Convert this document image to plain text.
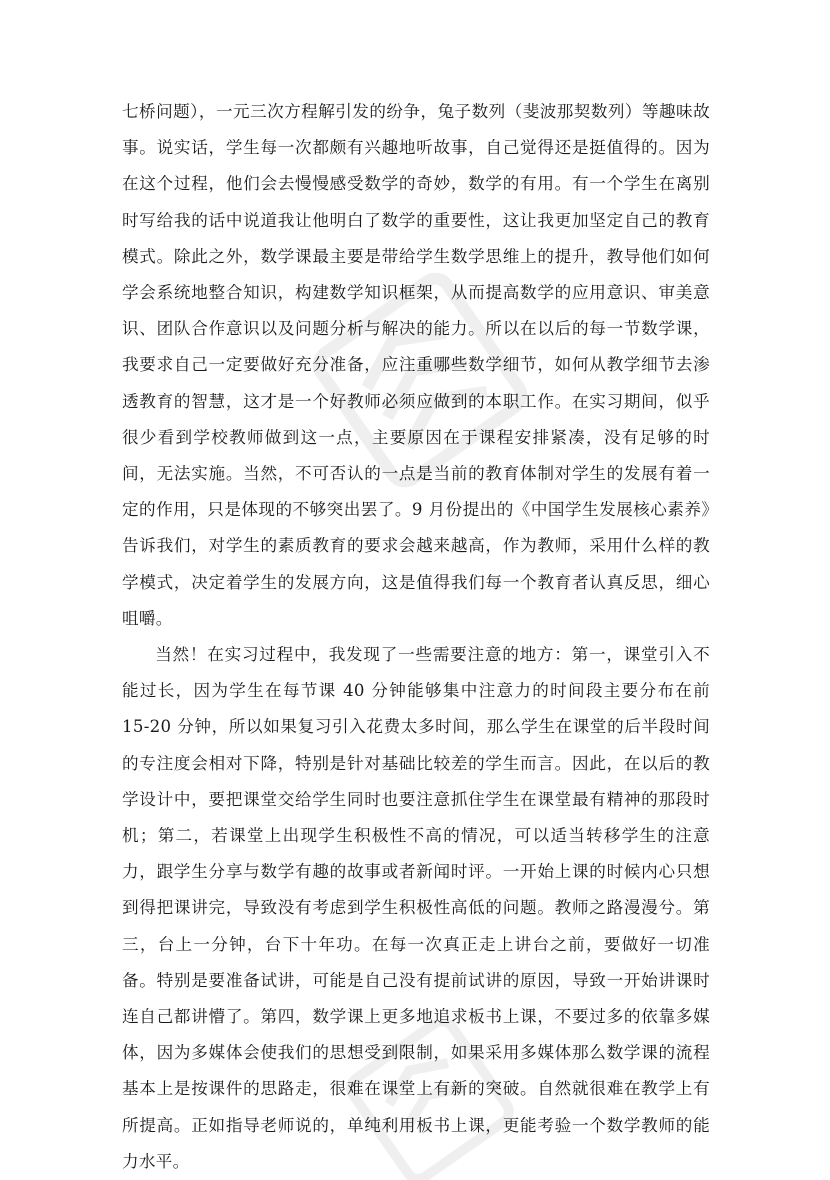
七桥问题），一元三次方程解引发的纷争，兔子数列（斐波那契数列）等趣味故事。说实话，学生每一次都颇有兴趣地听故事，自己觉得还是挺值得的。因为在这个过程，他们会去慢慢感受数学的奇妙，数学的有用。有一个学生在离别时写给我的话中说道我让他明白了数学的重要性，这让我更加坚定自己的教育模式。除此之外，数学课最主要是带给学生数学思维上的提升，教导他们如何学会系统地整合知识，构建数学知识框架，从而提高数学的应用意识、审美意识、团队合作意识以及问题分析与解决的能力。所以在以后的每一节数学课，我要求自己一定要做好充分准备，应注重哪些数学细节，如何从教学细节去渗透教育的智慧，这才是一个好教师必须应做到的本职工作。在实习期间，似乎很少看到学校教师做到这一点，主要原因在于课程安排紧凑，没有足够的时间，无法实施。当然，不可否认的一点是当前的教育体制对学生的发展有着一定的作用，只是体现的不够突出罢了。9 月份提出的《中国学生发展核心素养》告诉我们，对学生的素质教育的要求会越来越高，作为教师，采用什么样的教学模式，决定着学生的发展方向，这是值得我们每一个教育者认真反思，细心咀嚼。

当然！在实习过程中，我发现了一些需要注意的地方：第一，课堂引入不能过长，因为学生在每节课 40 分钟能够集中注意力的时间段主要分布在前 15-20 分钟，所以如果复习引入花费太多时间，那么学生在课堂的后半段时间的专注度会相对下降，特别是针对基础比较差的学生而言。因此，在以后的教学设计中，要把课堂交给学生同时也要注意抓住学生在课堂最有精神的那段时机；第二，若课堂上出现学生积极性不高的情况，可以适当转移学生的注意力，跟学生分享与数学有趣的故事或者新闻时评。一开始上课的时候内心只想到得把课讲完，导致没有考虑到学生积极性高低的问题。教师之路漫漫兮。第三，台上一分钟，台下十年功。在每一次真正走上讲台之前，要做好一切准备。特别是要准备试讲，可能是自己没有提前试讲的原因，导致一开始讲课时连自己都讲懵了。第四，数学课上更多地追求板书上课，不要过多的依靠多媒体，因为多媒体会使我们的思想受到限制，如果采用多媒体那么数学课的流程基本上是按课件的思路走，很难在课堂上有新的突破。自然就很难在教学上有所提高。正如指导老师说的，单纯利用板书上课，更能考验一个数学教师的能力水平。
